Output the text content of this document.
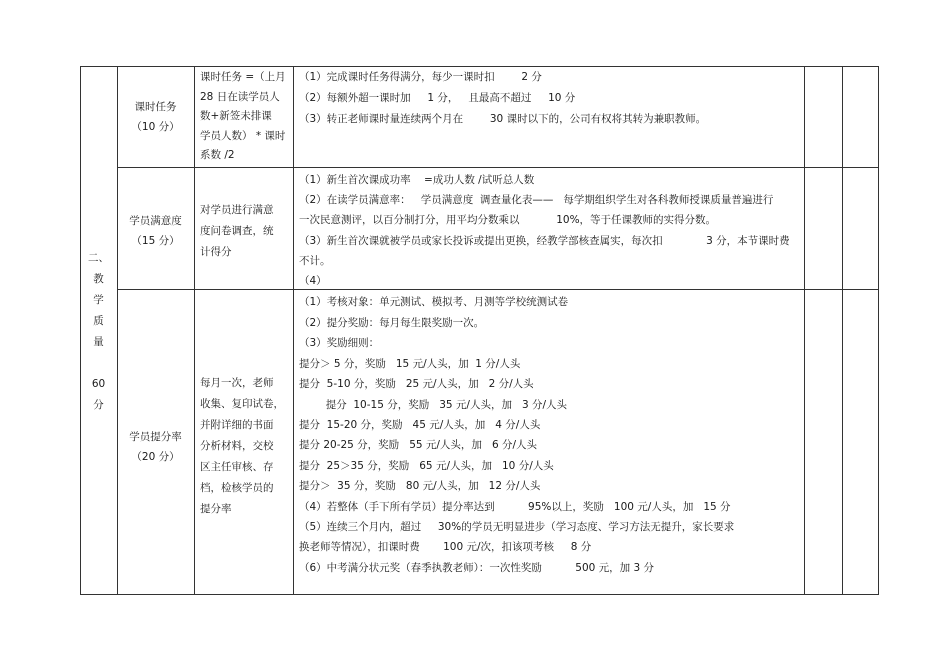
二、
教
学
质
量

60
分
课时任务
（10 分）
课时任务 =（上月
28 日在读学员人
数+新签未排课
学员人数） * 课时
系数 /2
（1）完成课时任务得满分，每少一课时扣        2 分
（2）每额外超一课时加     1 分，   且最高不超过     10 分
（3）转正老师课时量连续两个月在        30 课时以下的，公司有权将其转为兼职教师。
学员满意度
（15 分）
对学员进行满意
度问卷调查，统
计得分
（1）新生首次课成功率    =成功人数 /试听总人数
（2）在读学员满意率：   学员满意度  调查量化表——   每学期组织学生对各科教师授课质量普遍进行
一次民意测评，以百分制打分，用平均分数乘以           10%，等于任课教师的实得分数。
（3）新生首次课就被学员或家长投诉或提出更换，经教学部核查属实，每次扣             3 分，本节课时费
不计。
（4）
学员提分率
（20 分）
每月一次，老师
收集、复印试卷，
并附详细的书面
分析材料，交校
区主任审核、存
档，检核学员的
提分率
（1）考核对象：单元测试、模拟考、月测等学校统测试卷
（2）提分奖励：每月每生限奖励一次。
（3）奖励细则：
提分＞ 5 分，奖励   15 元/人头，加  1 分/人头
提分  5-10 分，奖励   25 元/人头，加   2 分/人头
提分  10-15 分，奖励   35 元/人头，加   3 分/人头
提分  15-20 分，奖励   45 元/人头，加   4 分/人头
提分 20-25 分，奖励   55 元/人头，加   6 分/人头
提分  25＞35 分，奖励   65 元/人头，加   10 分/人头
提分＞  35 分，奖励   80 元/人头，加   12 分/人头
（4）若整体（手下所有学员）提分率达到          95%以上，奖励   100 元/人头，加   15 分
（5）连续三个月内，超过     30%的学员无明显进步（学习态度、学习方法无提升，家长要求
换老师等情况），扣课时费       100 元/次，扣该项考核     8 分
（6）中考满分状元奖（春季执教老师）：一次性奖励          500 元，加 3 分
